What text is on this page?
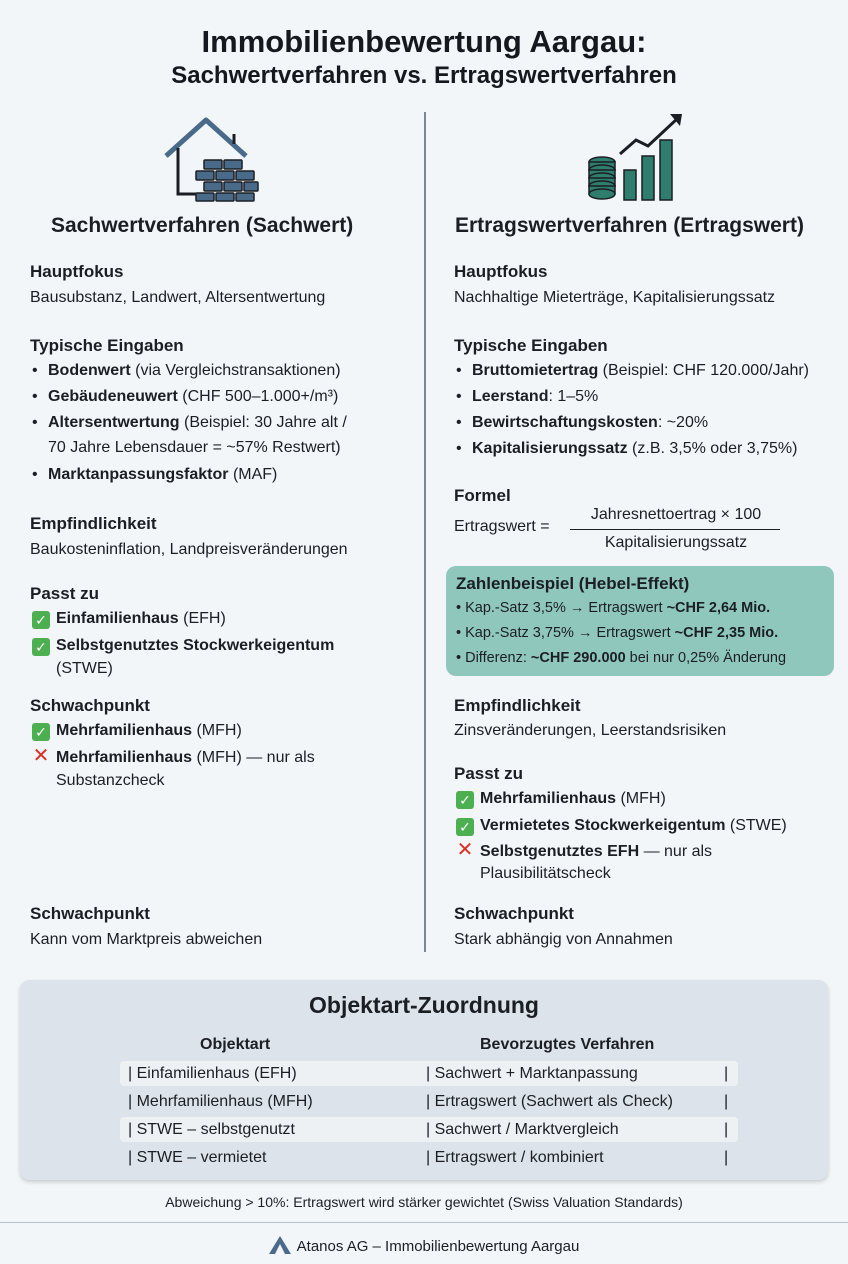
Immobilienbewertung Aargau:
Sachwertverfahren vs. Ertragswertverfahren
Sachwertverfahren (Sachwert)
Hauptfokus
Bausubstanz, Landwert, Altersentwertung
Typische Eingaben
• Bodenwert (via Vergleichstransaktionen)
• Gebäudeneuwert (CHF 500–1.000+/m³)
• Altersentwertung (Beispiel: 30 Jahre alt /
70 Jahre Lebensdauer = ~57% Restwert)
• Marktanpassungsfaktor (MAF)
Empfindlichkeit
Baukosteninflation, Landpreisveränderungen
Passt zu
✓ Einfamilienhaus (EFH)
✓ Selbstgenutztes Stockwerkeigentum
(STWE)
Schwachpunkt
✓ Mehrfamilienhaus (MFH)
✕ Mehrfamilienhaus (MFH) — nur als
Substanzcheck
Schwachpunkt
Kann vom Marktpreis abweichen
Ertragswertverfahren (Ertragswert)
Hauptfokus
Nachhaltige Mieterträge, Kapitalisierungssatz
Typische Eingaben
• Bruttomietertrag (Beispiel: CHF 120.000/Jahr)
• Leerstand: 1–5%
• Bewirtschaftungskosten: ~20%
• Kapitalisierungssatz (z.B. 3,5% oder 3,75%)
Formel
Ertragswert =
Jahresnettoertrag × 100
Kapitalisierungssatz
Zahlenbeispiel (Hebel-Effekt)
• Kap.-Satz 3,5% → Ertragswert ~CHF 2,64 Mio.
• Kap.-Satz 3,75% → Ertragswert ~CHF 2,35 Mio.
• Differenz: ~CHF 290.000 bei nur 0,25% Änderung
Empfindlichkeit
Zinsveränderungen, Leerstandsrisiken
Passt zu
✓ Mehrfamilienhaus (MFH)
✓ Vermietetes Stockwerkeigentum (STWE)
✕ Selbstgenutztes EFH — nur als
Plausibilitätscheck
Schwachpunkt
Stark abhängig von Annahmen
Objektart-Zuordnung
Objektart	Bevorzugtes Verfahren
| Einfamilienhaus (EFH)	| Sachwert + Marktanpassung	|
| Mehrfamilienhaus (MFH)	| Ertragswert (Sachwert als Check)	|
| STWE – selbstgenutzt	| Sachwert / Marktvergleich	|
| STWE – vermietet	| Ertragswert / kombiniert	|
Abweichung > 10%: Ertragswert wird stärker gewichtet (Swiss Valuation Standards)
Atanos AG – Immobilienbewertung Aargau
